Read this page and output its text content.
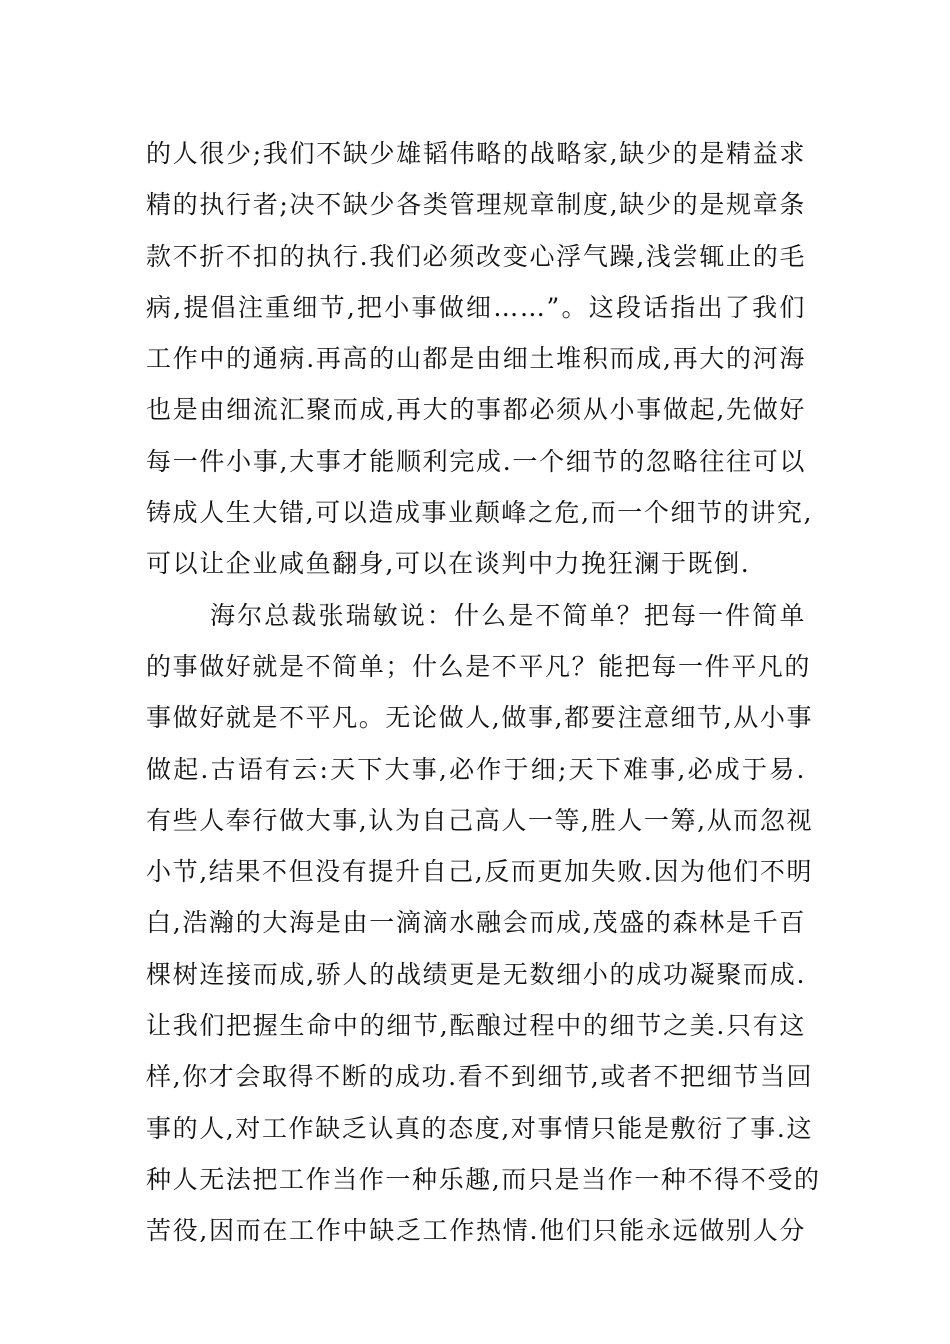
的人很少;我们不缺少雄韬伟略的战略家,缺少的是精益求
精的执行者;决不缺少各类管理规章制度,缺少的是规章条
款不折不扣的执行.我们必须改变心浮气躁,浅尝辄止的毛
病,提倡注重细节,把小事做细……”。这段话指出了我们
工作中的通病.再高的山都是由细土堆积而成,再大的河海
也是由细流汇聚而成,再大的事都必须从小事做起,先做好
每一件小事,大事才能顺利完成.一个细节的忽略往往可以
铸成人生大错,可以造成事业颠峰之危,而一个细节的讲究,
可以让企业咸鱼翻身,可以在谈判中力挽狂澜于既倒.
海尔总裁张瑞敏说：什么是不简单？把每一件简单
的事做好就是不简单；什么是不平凡？能把每一件平凡的
事做好就是不平凡。无论做人,做事,都要注意细节,从小事
做起.古语有云:天下大事,必作于细;天下难事,必成于易.
有些人奉行做大事,认为自己高人一等,胜人一筹,从而忽视
小节,结果不但没有提升自己,反而更加失败.因为他们不明
白,浩瀚的大海是由一滴滴水融会而成,茂盛的森林是千百
棵树连接而成,骄人的战绩更是无数细小的成功凝聚而成.
让我们把握生命中的细节,酝酿过程中的细节之美.只有这
样,你才会取得不断的成功.看不到细节,或者不把细节当回
事的人,对工作缺乏认真的态度,对事情只能是敷衍了事.这
种人无法把工作当作一种乐趣,而只是当作一种不得不受的
苦役,因而在工作中缺乏工作热情.他们只能永远做别人分
